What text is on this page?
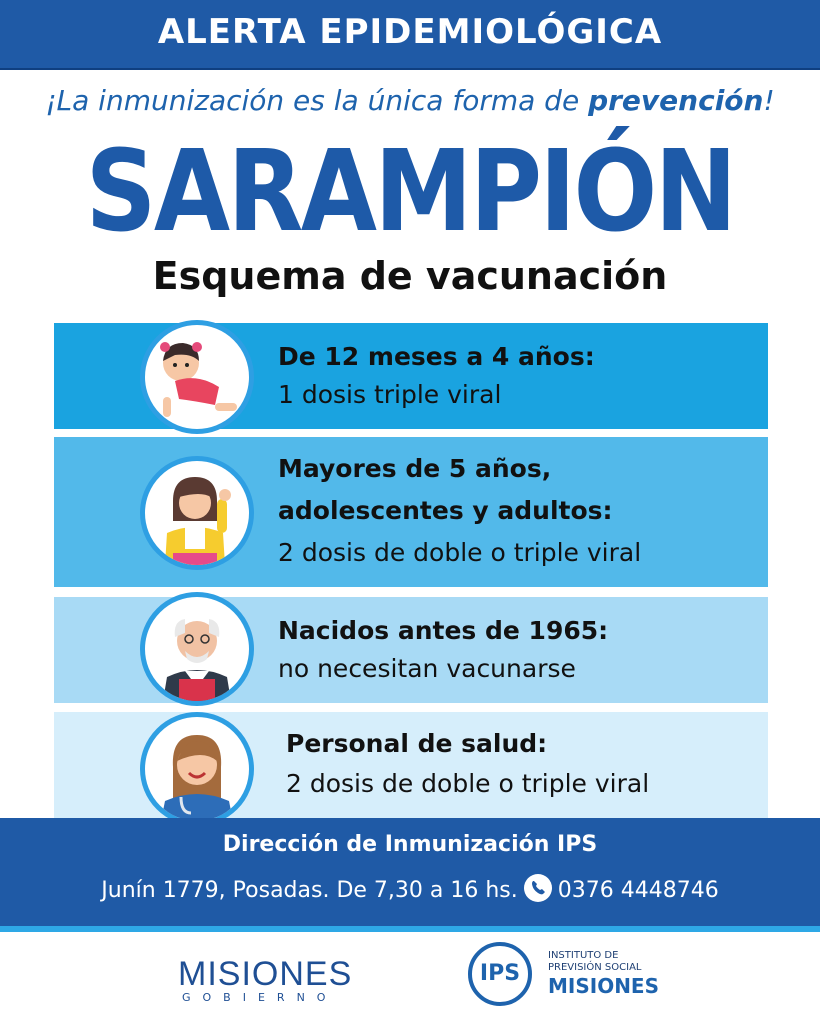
ALERTA EPIDEMIOLÓGICA
¡La inmunización es la única forma de prevención!
SARAMPIÓN
Esquema de vacunación
De 12 meses a 4 años:
1 dosis triple viral
Mayores de 5 años,
adolescentes y adultos:
2 dosis de doble o triple viral
Nacidos antes de 1965:
no necesitan vacunarse
Personal de salud:
2 dosis de doble o triple viral
Dirección de Inmunización IPS
Junín 1779, Posadas. De 7,30 a 16 hs. 0376 4448746
MISIONES
GOBIERNO
IPS
INSTITUTO DE
PREVISIÓN SOCIAL
MISIONES
